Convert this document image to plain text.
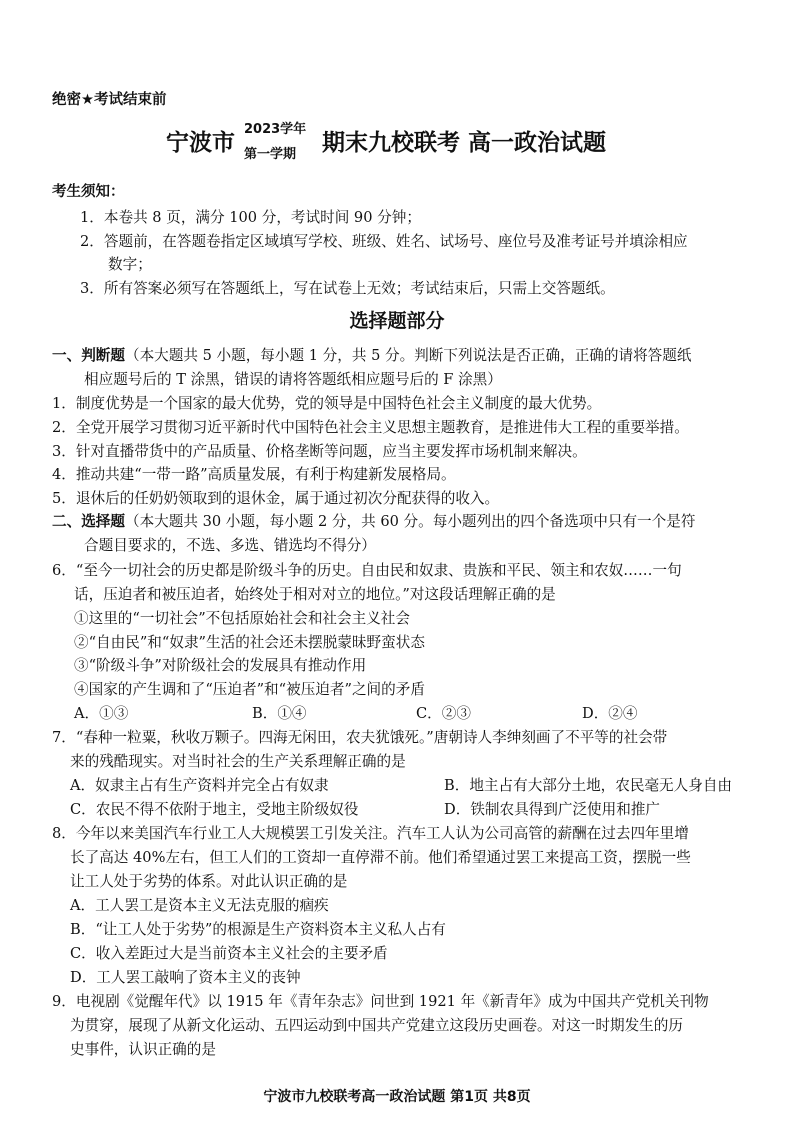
绝密★考试结束前
宁波市
2023学年
第一学期 期末九校联考 高一政治试题
考生须知：
1．本卷共 8 页，满分 100 分，考试时间 90 分钟；
2．答题前，在答题卷指定区域填写学校、班级、姓名、试场号、座位号及准考证号并填涂相应
数字；
3．所有答案必须写在答题纸上，写在试卷上无效；考试结束后，只需上交答题纸。
选择题部分
一、判断题（本大题共 5 小题，每小题 1 分，共 5 分。判断下列说法是否正确，正确的请将答题纸
相应题号后的 T 涂黑，错误的请将答题纸相应题号后的 F 涂黑）
1．制度优势是一个国家的最大优势，党的领导是中国特色社会主义制度的最大优势。
2．全党开展学习贯彻习近平新时代中国特色社会主义思想主题教育，是推进伟大工程的重要举措。
3．针对直播带货中的产品质量、价格垄断等问题，应当主要发挥市场机制来解决。
4．推动共建“一带一路”高质量发展，有利于构建新发展格局。
5．退休后的任奶奶领取到的退休金，属于通过初次分配获得的收入。
二、选择题（本大题共 30 小题，每小题 2 分，共 60 分。每小题列出的四个备选项中只有一个是符
合题目要求的，不选、多选、错选均不得分）
6．“至今一切社会的历史都是阶级斗争的历史。自由民和奴隶、贵族和平民、领主和农奴……一句
话，压迫者和被压迫者，始终处于相对对立的地位。”对这段话理解正确的是
①这里的“一切社会”不包括原始社会和社会主义社会
②“自由民”和“奴隶”生活的社会还未摆脱蒙昧野蛮状态
③“阶级斗争”对阶级社会的发展具有推动作用
④国家的产生调和了“压迫者”和“被压迫者”之间的矛盾
A．①③	B．①④	C．②③	D．②④
7．“春种一粒粟，秋收万颗子。四海无闲田，农夫犹饿死。”唐朝诗人李绅刻画了不平等的社会带
来的残酷现实。对当时社会的生产关系理解正确的是
A．奴隶主占有生产资料并完全占有奴隶	B．地主占有大部分土地，农民毫无人身自由
C．农民不得不依附于地主，受地主阶级奴役	D．铁制农具得到广泛使用和推广
8．今年以来美国汽车行业工人大规模罢工引发关注。汽车工人认为公司高管的薪酬在过去四年里增
长了高达 40%左右，但工人们的工资却一直停滞不前。他们希望通过罢工来提高工资，摆脱一些
让工人处于劣势的体系。对此认识正确的是
A．工人罢工是资本主义无法克服的痼疾
B．“让工人处于劣势”的根源是生产资料资本主义私人占有
C．收入差距过大是当前资本主义社会的主要矛盾
D．工人罢工敲响了资本主义的丧钟
9．电视剧《觉醒年代》以 1915 年《青年杂志》问世到 1921 年《新青年》成为中国共产党机关刊物
为贯穿，展现了从新文化运动、五四运动到中国共产党建立这段历史画卷。对这一时期发生的历
史事件，认识正确的是
宁波市九校联考高一政治试题 第1页 共8页
